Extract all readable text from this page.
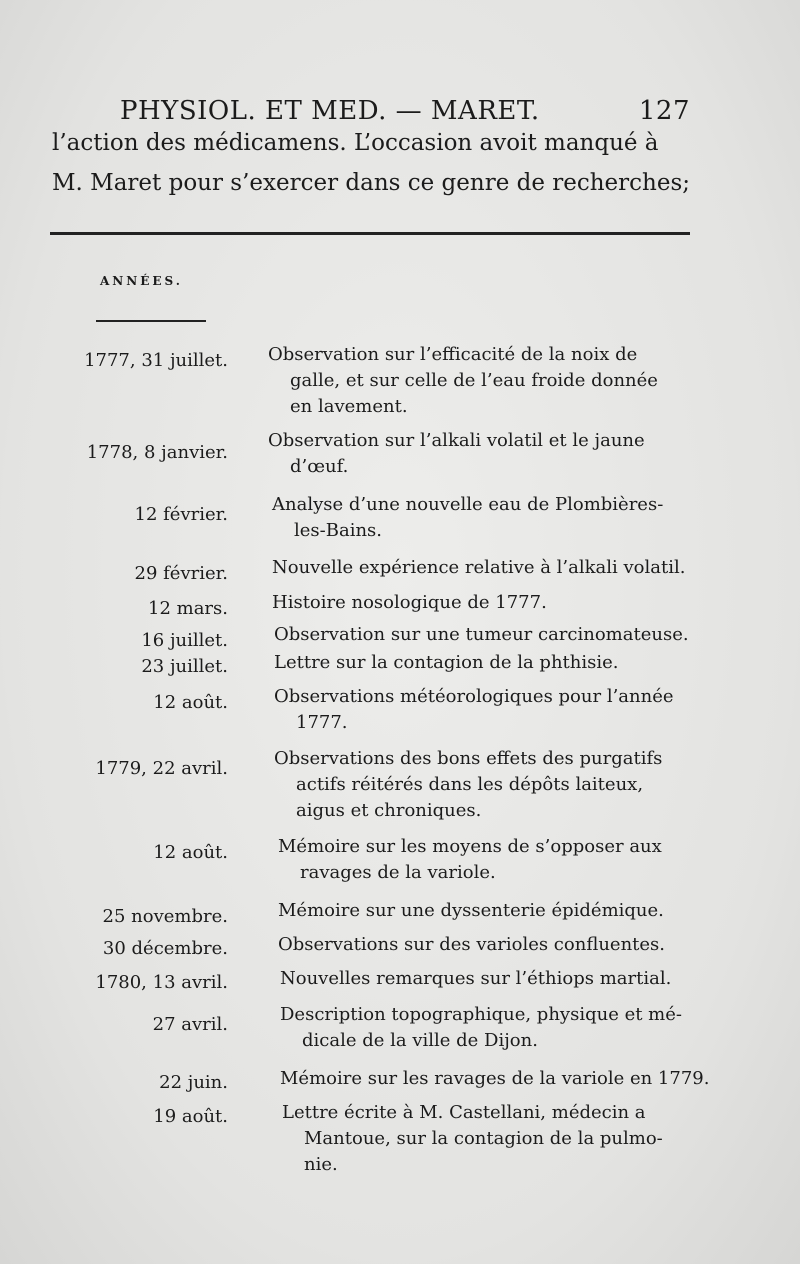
PHYSIOL. ET MED. — MARET.	127
l’action des médicamens. L’occasion avoit manqué à
M. Maret pour s’exercer dans ce genre de recherches;
ANNÉES.
1777, 31 juillet. Observation sur l’efficacité de la noix de
galle, et sur celle de l’eau froide donnée
en lavement.
1778, 8 janvier.
Observation sur l’alkali volatil et le jaune
d’œuf.
12 février. Analyse d’une nouvelle eau de Plombières-
les-Bains.
29 février. Nouvelle expérience relative à l’alkali volatil.
12 mars. Histoire nosologique de 1777.
16 juillet.	Observation sur une tumeur carcinomateuse.
23 juillet.	Lettre sur la contagion de la phthisie.
12 août.	Observations météorologiques pour l’année
1777.
1779, 22 avril.	Observations des bons effets des purgatifs
actifs réitérés dans les dépôts laiteux,
aigus et chroniques.
12 août.	Mémoire sur les moyens de s’opposer aux
ravages de la variole.
25 novembre.	Mémoire sur une dyssenterie épidémique.
30 décembre.	Observations sur des varioles confluentes.
1780, 13 avril.	Nouvelles remarques sur l’éthiops martial.
27 avril.	Description topographique, physique et mé-
dicale de la ville de Dijon.
22 juin.	Mémoire sur les ravages de la variole en 1779.
19 août.	Lettre écrite à M. Castellani, médecin a
Mantoue, sur la contagion de la pulmo-
nie.
